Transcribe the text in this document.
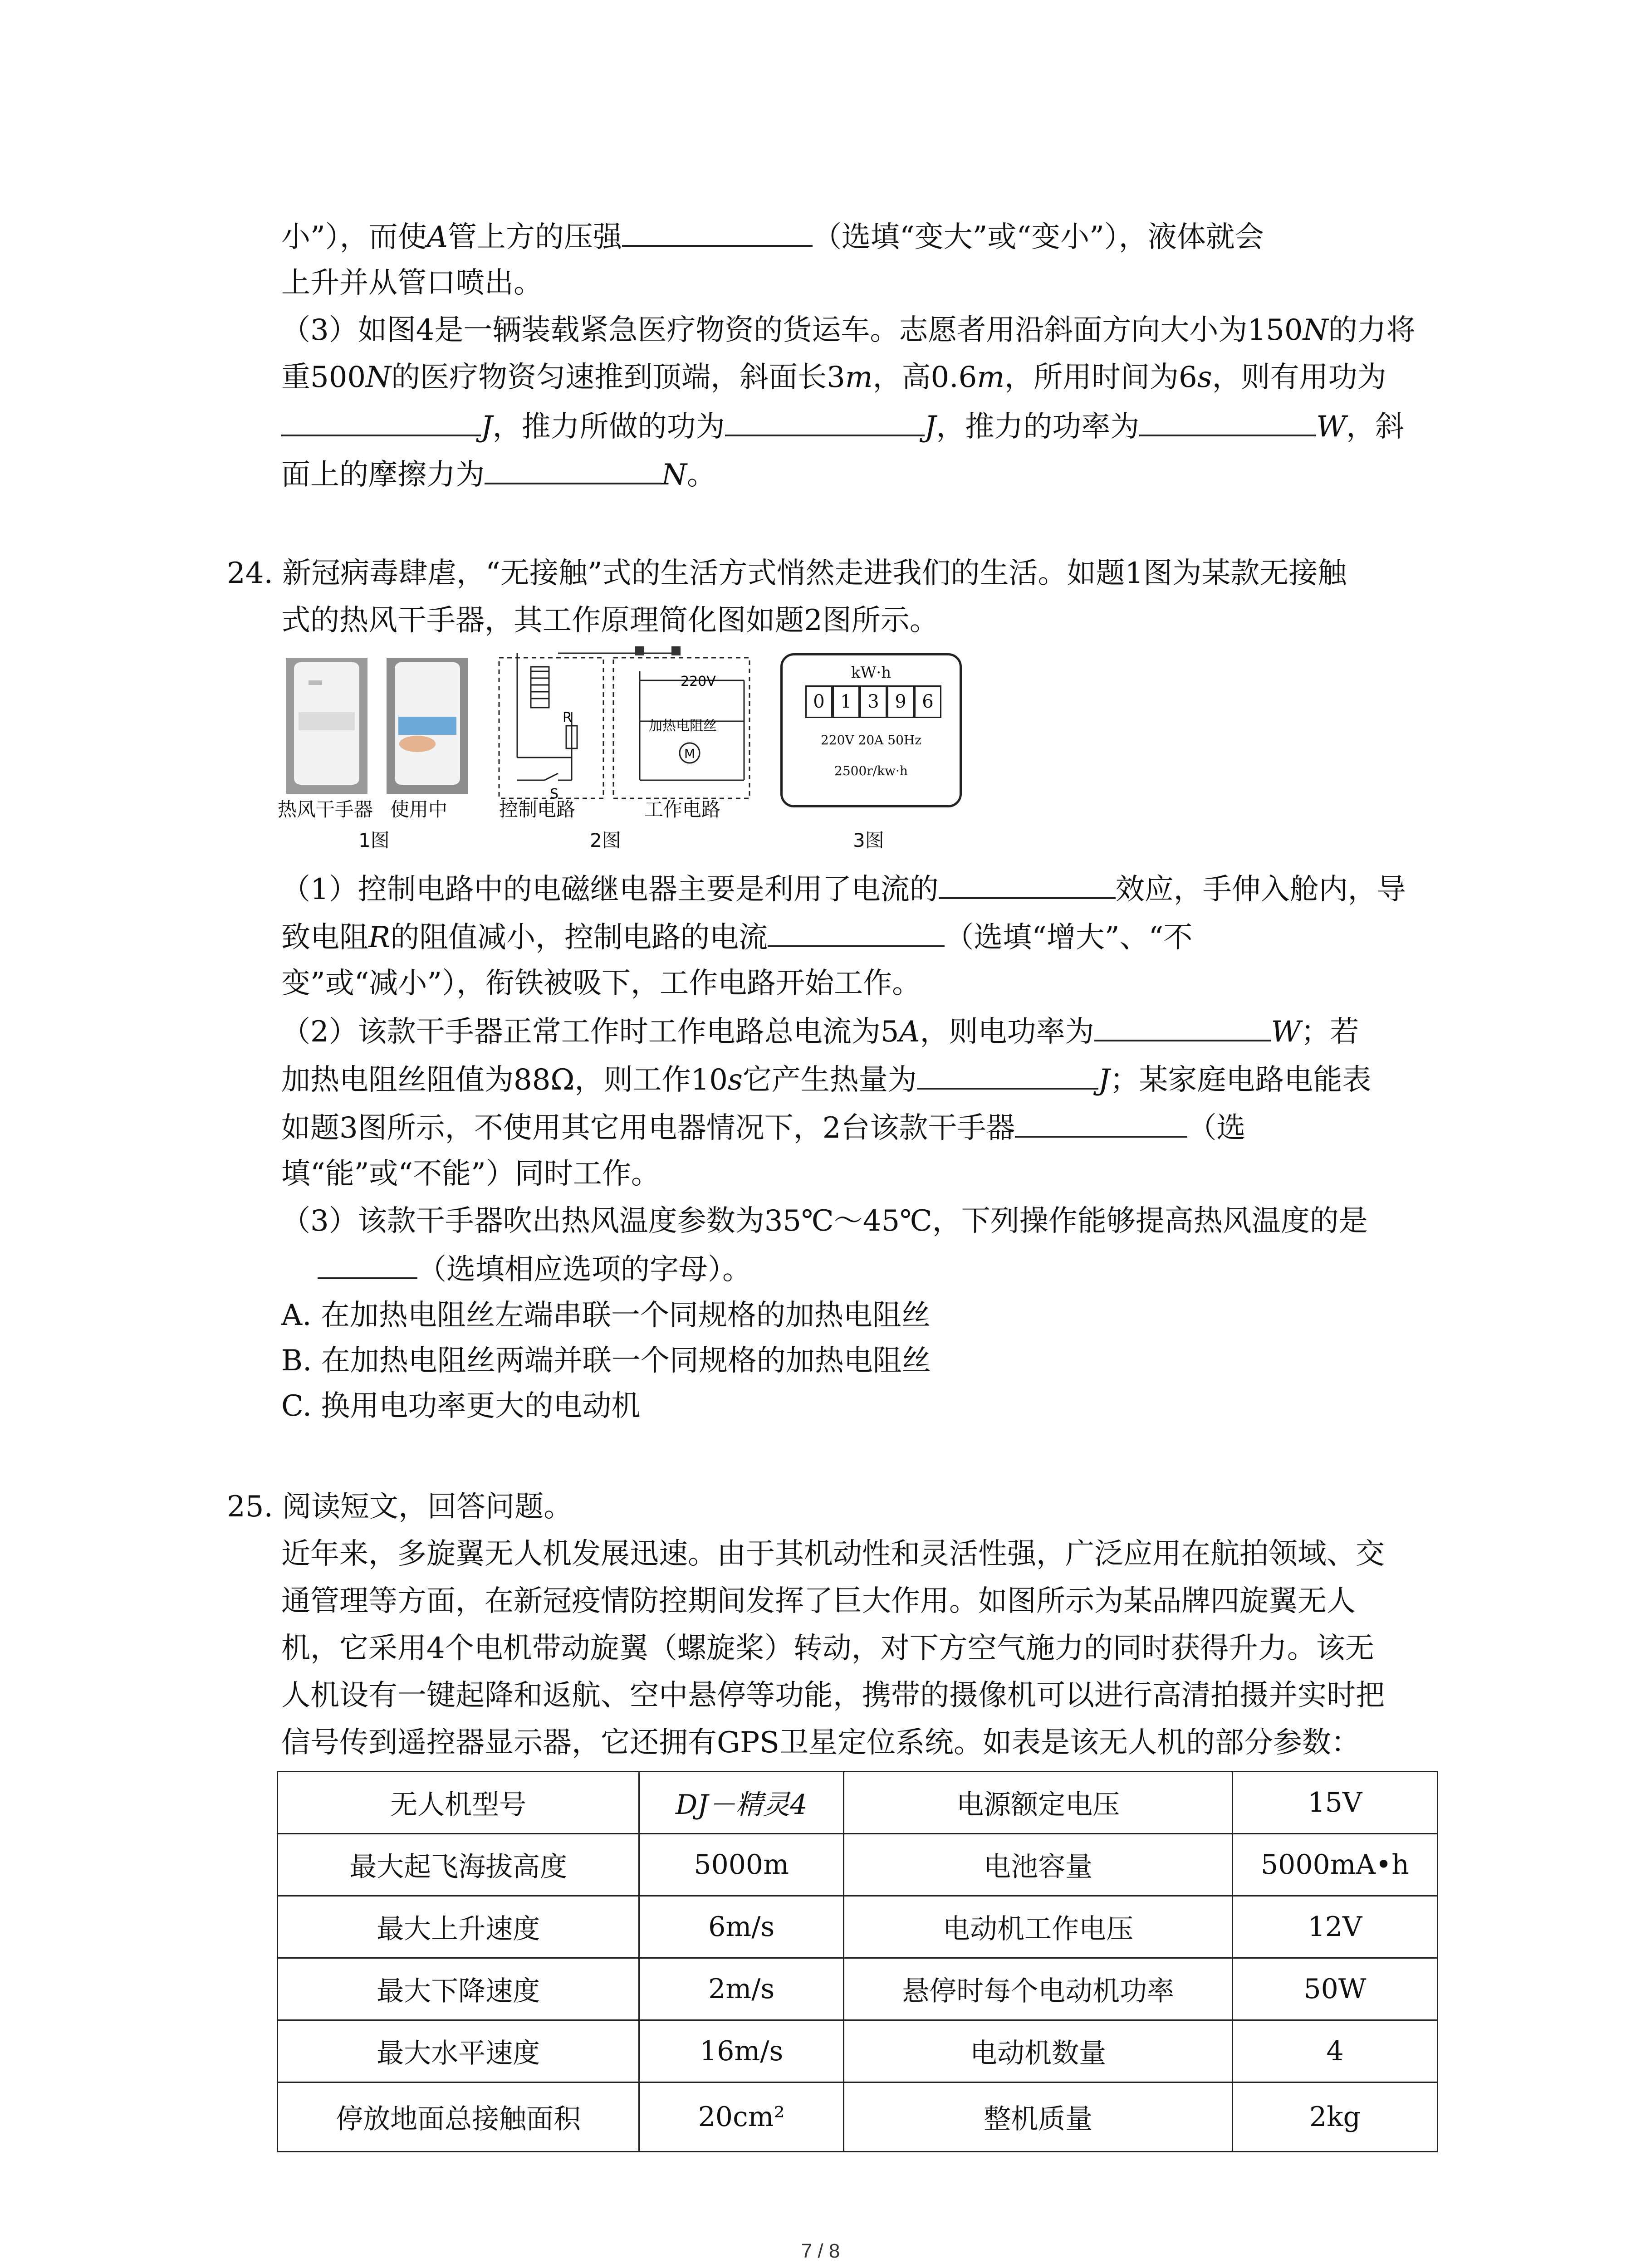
小”），而使A管上方的压强	（选填“变大”或“变小”），液体就会
上升并从管口喷出。
（3）如图4是一辆装载紧急医疗物资的货运车。志愿者用沿斜面方向大小为150N的力将
重500N的医疗物资匀速推到顶端，斜面长3m，高0.6m，所用时间为6s，则有用功为
J，推力所做的功为	J，推力的功率为	W，斜
面上的摩擦力为	N。
24. 新冠病毒肆虐，“无接触”式的生活方式悄然走进我们的生活。如题1图为某款无接触
式的热风干手器，其工作原理简化图如题2图所示。
热风干手器 使用中
1图
220V
加热电阻丝
R
S
M
控制电路	工作电路
2图
kW·h
0 1 3 9 6
220V 20A 50Hz
2500r/kw·h
3图
（1）控制电路中的电磁继电器主要是利用了电流的	效应，手伸入舱内，导
致电阻R的阻值减小，控制电路的电流	（选填“增大”、“不
变”或“减小”），衔铁被吸下，工作电路开始工作。
（2）该款干手器正常工作时工作电路总电流为5A，则电功率为	W；若
加热电阻丝阻值为88Ω，则工作10s它产生热量为	J；某家庭电路电能表
如题3图所示，不使用其它用电器情况下，2台该款干手器	（选
填“能”或“不能”）同时工作。
（3）该款干手器吹出热风温度参数为35℃～45℃，下列操作能够提高热风温度的是
（选填相应选项的字母）。
A. 在加热电阻丝左端串联一个同规格的加热电阻丝
B. 在加热电阻丝两端并联一个同规格的加热电阻丝
C. 换用电功率更大的电动机
25. 阅读短文，回答问题。
近年来，多旋翼无人机发展迅速。由于其机动性和灵活性强，广泛应用在航拍领域、交
通管理等方面，在新冠疫情防控期间发挥了巨大作用。如图所示为某品牌四旋翼无人
机，它采用4个电机带动旋翼（螺旋桨）转动，对下方空气施力的同时获得升力。该无
人机设有一键起降和返航、空中悬停等功能，携带的摄像机可以进行高清拍摄并实时把
信号传到遥控器显示器，它还拥有GPS卫星定位系统。如表是该无人机的部分参数：
无人机型号	DJ－精灵4	电源额定电压	15V
最大起飞海拔高度	5000m	电池容量	5000mA•h
最大上升速度	6m/s	电动机工作电压	12V
最大下降速度	2m/s	悬停时每个电动机功率	50W
最大水平速度	16m/s	电动机数量	4
停放地面总接触面积	20cm²	整机质量	2kg
7 / 8
